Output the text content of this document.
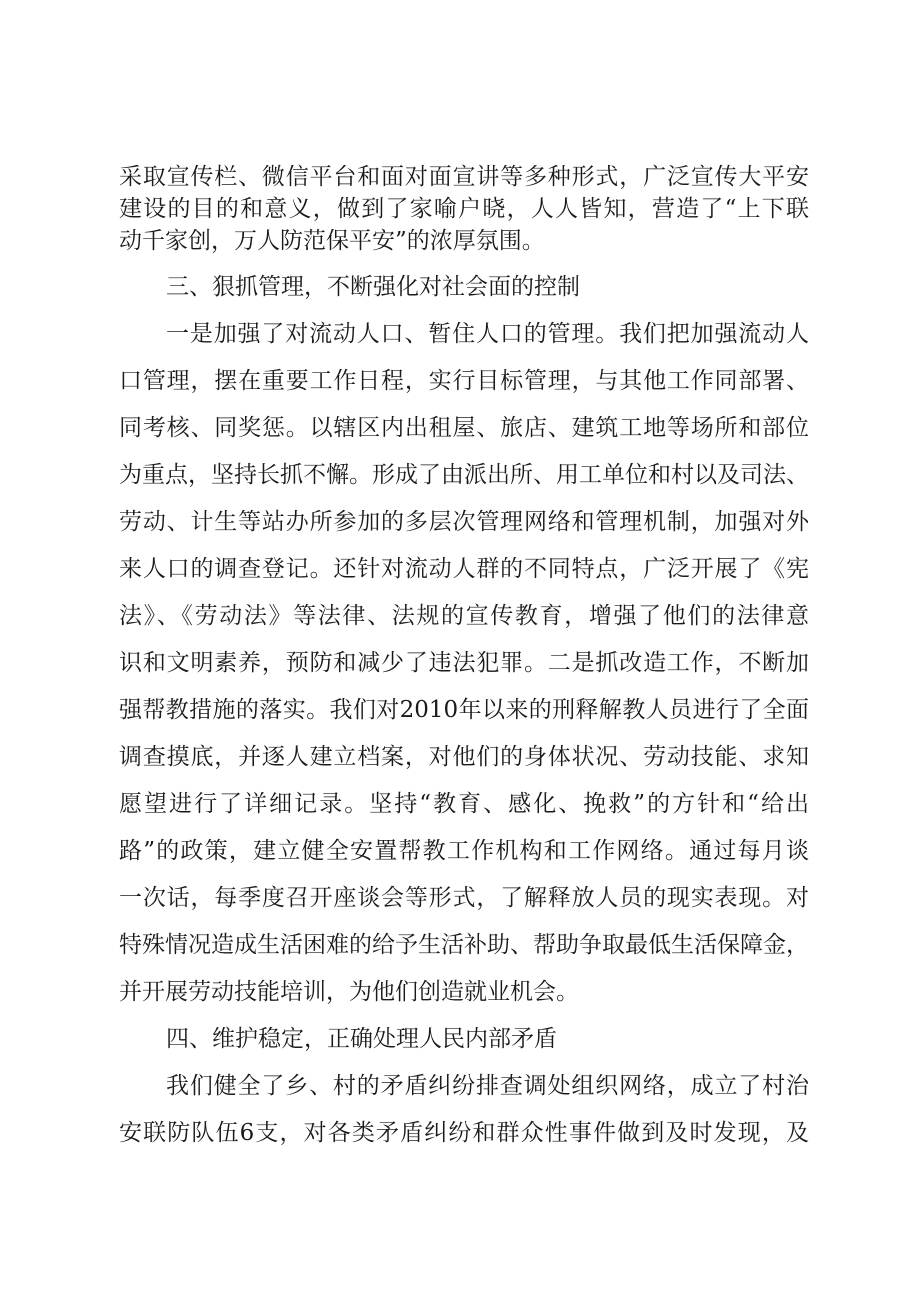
采取宣传栏、微信平台和面对面宣讲等多种形式，广泛宣传大平安

建设的目的和意义，做到了家喻户晓，人人皆知，营造了“上下联

动千家创，万人防范保平安”的浓厚氛围。

三、狠抓管理，不断强化对社会面的控制

一是加强了对流动人口、暂住人口的管理。我们把加强流动人

口管理，摆在重要工作日程，实行目标管理，与其他工作同部署、

同考核、同奖惩。以辖区内出租屋、旅店、建筑工地等场所和部位

为重点，坚持长抓不懈。形成了由派出所、用工单位和村以及司法、

劳动、计生等站办所参加的多层次管理网络和管理机制，加强对外

来人口的调查登记。还针对流动人群的不同特点，广泛开展了《宪

法》、《劳动法》等法律、法规的宣传教育，增强了他们的法律意

识和文明素养，预防和减少了违法犯罪。二是抓改造工作，不断加

强帮教措施的落实。我们对2010年以来的刑释解教人员进行了全面

调查摸底，并逐人建立档案，对他们的身体状况、劳动技能、求知

愿望进行了详细记录。坚持“教育、感化、挽救”的方针和“给出

路”的政策，建立健全安置帮教工作机构和工作网络。通过每月谈

一次话，每季度召开座谈会等形式，了解释放人员的现实表现。对

特殊情况造成生活困难的给予生活补助、帮助争取最低生活保障金，

并开展劳动技能培训，为他们创造就业机会。

四、维护稳定，正确处理人民内部矛盾

我们健全了乡、村的矛盾纠纷排查调处组织网络，成立了村治

安联防队伍6支，对各类矛盾纠纷和群众性事件做到及时发现，及
